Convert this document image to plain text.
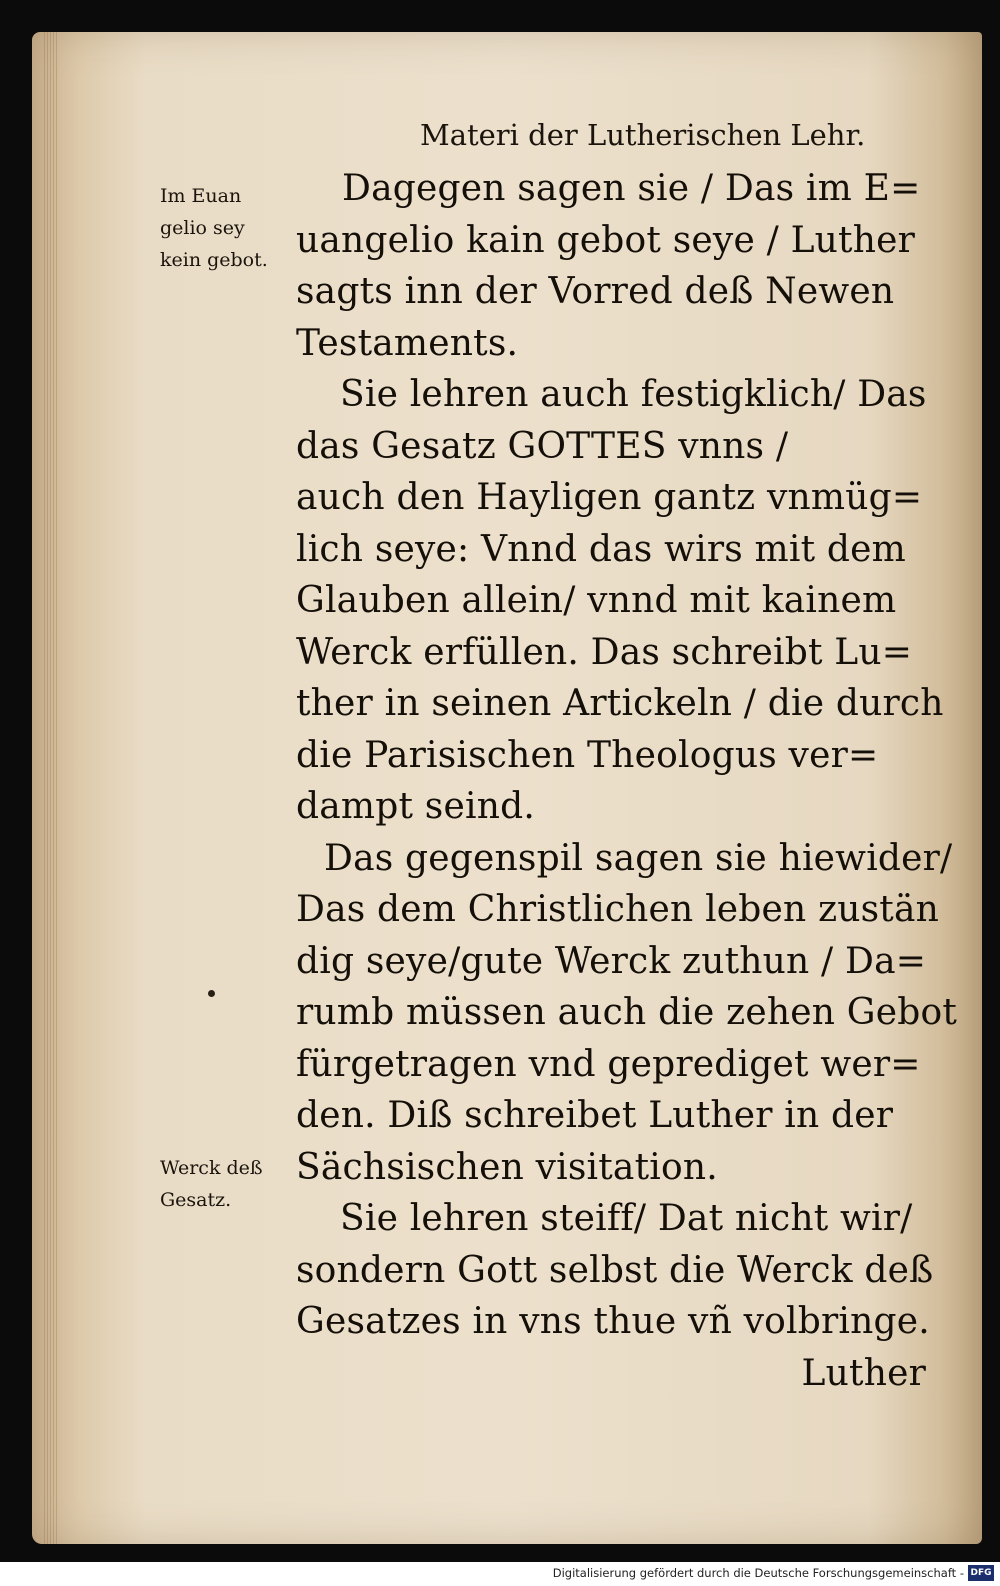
Materi der Lutherischen Lehr.
Im Euan
gelio sey
kein gebot.
Werck deß
Gesatz.
Dagegen sagen sie / Das im E=
uangelio kain gebot seye / Luther
sagts inn der Vorred deß Newen
Testaments.
Sie lehren auch festigklich/ Das
das Gesatz GOTTES vnns /
auch den Hayligen gantz vnmüg=
lich seye: Vnnd das wirs mit dem
Glauben allein/ vnnd mit kainem
Werck erfüllen. Das schreibt Lu=
ther in seinen Artickeln / die durch
die Parisischen Theologus ver=
dampt seind.
Das gegenspil sagen sie hiewider/
Das dem Christlichen leben zustän
dig seye/gute Werck zuthun / Da=
rumb müssen auch die zehen Gebot
fürgetragen vnd geprediget wer=
den. Diß schreibet Luther in der
Sächsischen visitation.
Sie lehren steiff/ Dat nicht wir/
sondern Gott selbst die Werck deß
Gesatzes in vns thue vñ volbringe.
Luther
Digitalisierung gefördert durch die Deutsche Forschungsgemeinschaft - DFG
